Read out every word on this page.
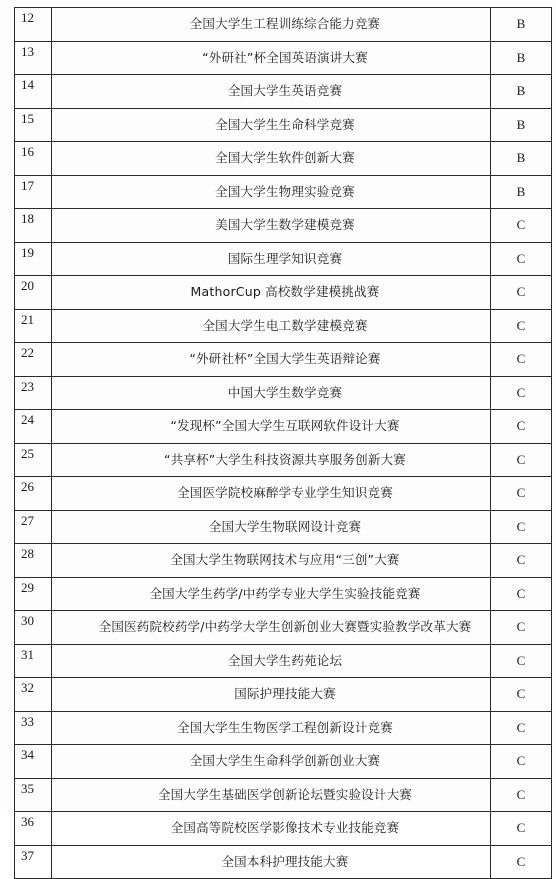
12	全国大学生工程训练综合能力竞赛	B
13	“外研社”杯全国英语演讲大赛	B
14	全国大学生英语竞赛	B
15	全国大学生生命科学竞赛	B
16	全国大学生软件创新大赛	B
17	全国大学生物理实验竞赛	B
18	美国大学生数学建模竞赛	C
19	国际生理学知识竞赛	C
20	MathorCup 高校数学建模挑战赛	C
21	全国大学生电工数学建模竞赛	C
22	“外研社杯”全国大学生英语辩论赛	C
23	中国大学生数学竞赛	C
24	“发现杯”全国大学生互联网软件设计大赛	C
25	“共享杯”大学生科技资源共享服务创新大赛	C
26	全国医学院校麻醉学专业学生知识竞赛	C
27	全国大学生物联网设计竞赛	C
28	全国大学生物联网技术与应用“三创”大赛	C
29	全国大学生药学/中药学专业大学生实验技能竞赛	C
30	全国医药院校药学/中药学大学生创新创业大赛暨实验教学改革大赛	C
31	全国大学生药苑论坛	C
32	国际护理技能大赛	C
33	全国大学生生物医学工程创新设计竞赛	C
34	全国大学生生命科学创新创业大赛	C
35	全国大学生基础医学创新论坛暨实验设计大赛	C
36	全国高等院校医学影像技术专业技能竞赛	C
37	全国本科护理技能大赛	C
